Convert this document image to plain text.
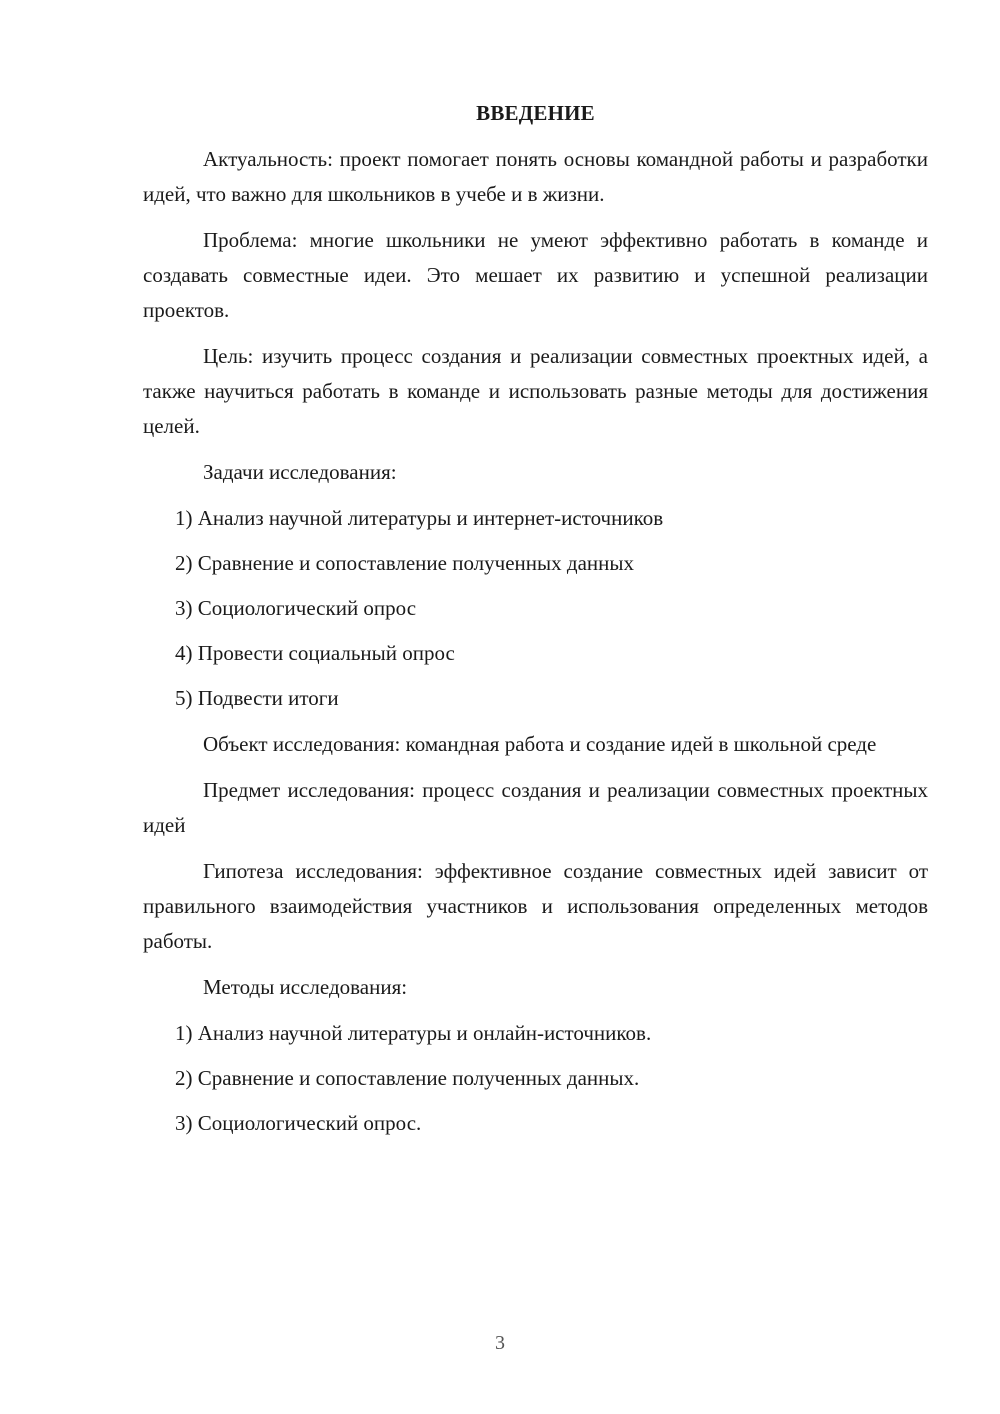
ВВЕДЕНИЕ

Актуальность: проект помогает понять основы командной работы и разработки идей, что важно для школьников в учебе и в жизни.

Проблема: многие школьники не умеют эффективно работать в команде и создавать совместные идеи. Это мешает их развитию и успешной реализации проектов.

Цель: изучить процесс создания и реализации совместных проектных идей, а также научиться работать в команде и использовать разные методы для достижения целей.

Задачи исследования:

1) Анализ научной литературы и интернет-источников
2) Сравнение и сопоставление полученных данных
3) Социологический опрос
4) Провести социальный опрос
5) Подвести итоги

Объект исследования: командная работа и создание идей в школьной среде

Предмет исследования: процесс создания и реализации совместных проектных идей

Гипотеза исследования: эффективное создание совместных идей зависит от правильного взаимодействия участников и использования определенных методов работы.

Методы исследования:

1) Анализ научной литературы и онлайн-источников.
2) Сравнение и сопоставление полученных данных.
3) Социологический опрос.
3
